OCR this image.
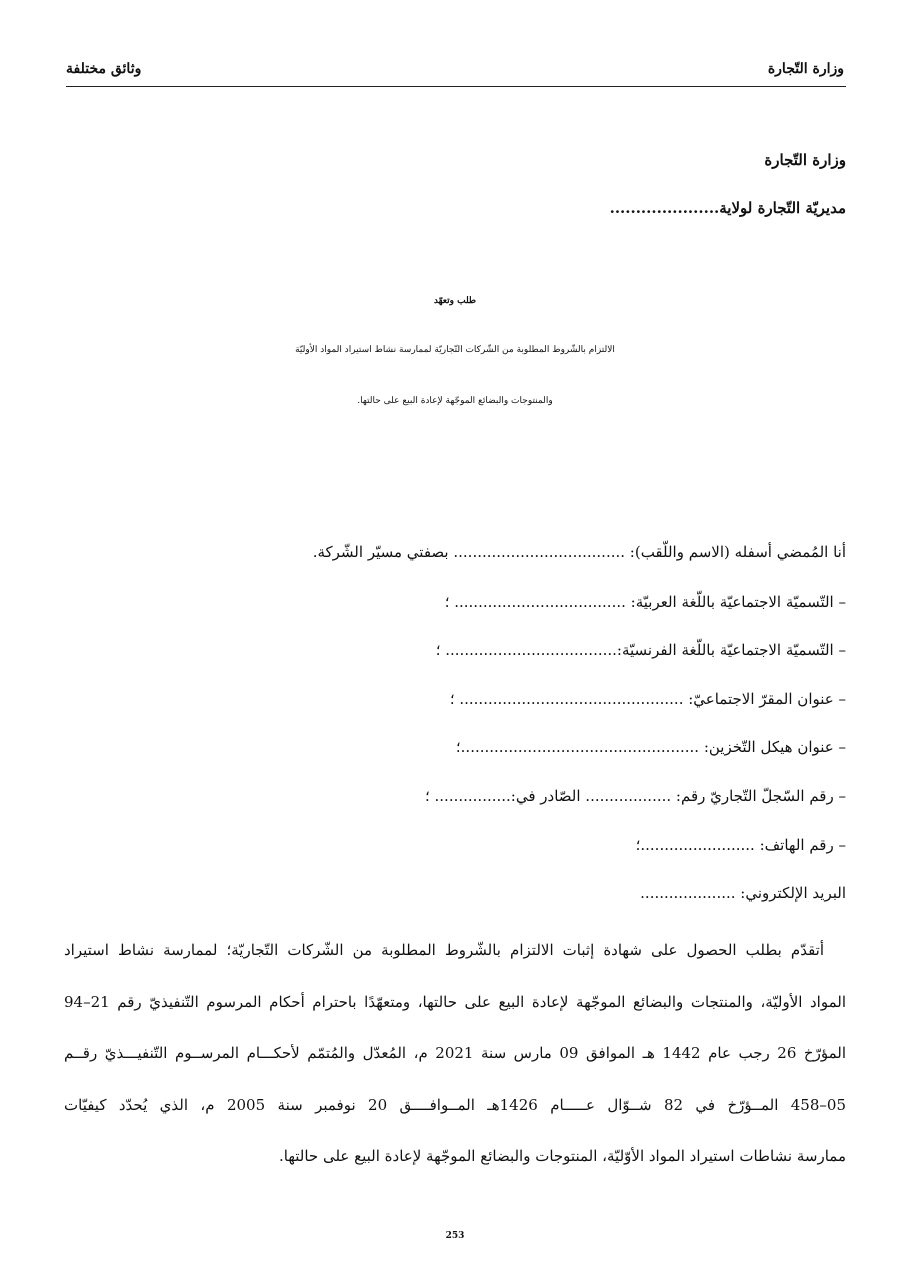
وزارة التّجارة
وثائق مختلفة
وزارة التّجارة
مديريّة التّجارة لولاية.....................
طلب وتعهّد
الالتزام بالشّروط المطلوبة من الشّركات التّجاريّة لممارسة نشاط استيراد المواد الأوليّة
والمنتوجات والبضائع الموجّهة لإعادة البيع على حالتها.
أنا المُمضي أسفله (الاسم واللّقب): .................................... بصفتي مسيّر الشّركة.
– التّسميّة الاجتماعيّة باللّغة العربيّة: .................................... ؛
– التّسميّة الاجتماعيّة باللّغة الفرنسيّة:.................................... ؛
– عنوان المقرّ الاجتماعيّ: ............................................... ؛
– عنوان هيكل التّخزين: ..................................................؛
– رقم السّجلّ التّجاريّ رقم: .................. الصّادر في:................ ؛
– رقم الهاتف: ........................؛
البريد الإلكتروني: ....................
أتقدّم بطلب الحصول على شهادة إثبات الالتزام بالشّروط المطلوبة من الشّركات التّجاريّة؛ لممارسة نشاط استيراد
المواد الأوليّة، والمنتجات والبضائع الموجّهة لإعادة البيع على حالتها، ومتعهّدًا باحترام أحكام المرسوم التّنفيذيّ رقم 21–94
المؤرّخ 26 رجب عام 1442 هـ الموافق 09 مارس سنة 2021 م، المُعدّل والمُتمّم لأحكـــام المرســوم التّنفيـــذيّ رقــم
05–458 المــؤرّخ في 82 شــوّال عـــــام 1426هـ المــوافــــق 20 نوفمبر سنة 2005 م، الذي يُحدّد كيفيّات
ممارسة نشاطات استيراد المواد الأوّليّة، المنتوجات والبضائع الموجّهة لإعادة البيع على حالتها.
253
